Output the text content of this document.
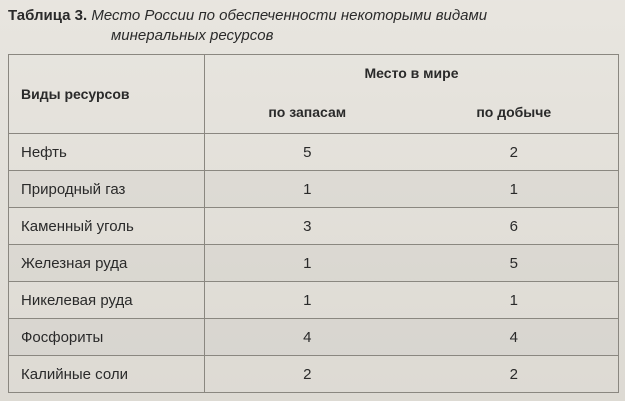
Таблица 3. Место России по обеспеченности некоторыми видами
минеральных ресурсов
Виды ресурсов	Место в мире	
	по запасам	по добыче
Нефть	5	2
Природный газ	1	1
Каменный уголь	3	6
Железная руда	1	5
Никелевая руда	1	1
Фосфориты	4	4
Калийные соли	2	2
